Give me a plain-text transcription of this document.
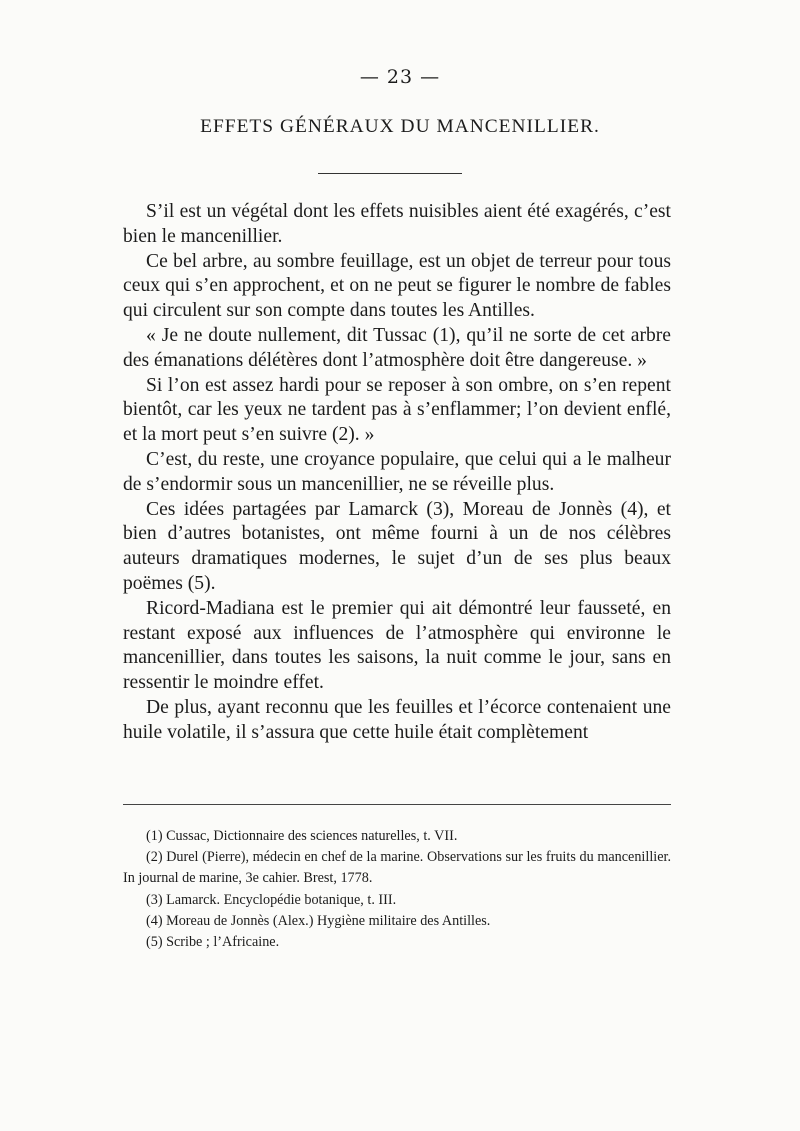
— 23 —
EFFETS GÉNÉRAUX DU MANCENILLIER.

S’il est un végétal dont les effets nuisibles aient été exagérés, c’est bien le mancenillier.

Ce bel arbre, au sombre feuillage, est un objet de terreur pour tous ceux qui s’en approchent, et on ne peut se figurer le nombre de fables qui circulent sur son compte dans toutes les Antilles.

« Je ne doute nullement, dit Tussac (1), qu’il ne sorte de cet arbre des émanations délétères dont l’atmosphère doit être dangereuse. »

Si l’on est assez hardi pour se reposer à son ombre, on s’en repent bientôt, car les yeux ne tardent pas à s’enflammer; l’on devient enflé, et la mort peut s’en suivre (2). »

C’est, du reste, une croyance populaire, que celui qui a le malheur de s’endormir sous un mancenillier, ne se réveille plus.

Ces idées partagées par Lamarck (3), Moreau de Jonnès (4), et bien d’autres botanistes, ont même fourni à un de nos célèbres auteurs dramatiques modernes, le sujet d’un de ses plus beaux poëmes (5).

Ricord-Madiana est le premier qui ait démontré leur fausseté, en restant exposé aux influences de l’atmosphère qui environne le mancenillier, dans toutes les saisons, la nuit comme le jour, sans en ressentir le moindre effet.

De plus, ayant reconnu que les feuilles et l’écorce contenaient une huile volatile, il s’assura que cette huile était complètement

(1) Cussac, Dictionnaire des sciences naturelles, t. VII.

(2) Durel (Pierre), médecin en chef de la marine. Observations sur les fruits du mancenillier. In journal de marine, 3e cahier. Brest, 1778.

(3) Lamarck. Encyclopédie botanique, t. III.

(4) Moreau de Jonnès (Alex.) Hygiène militaire des Antilles.

(5) Scribe ; l’Africaine.
